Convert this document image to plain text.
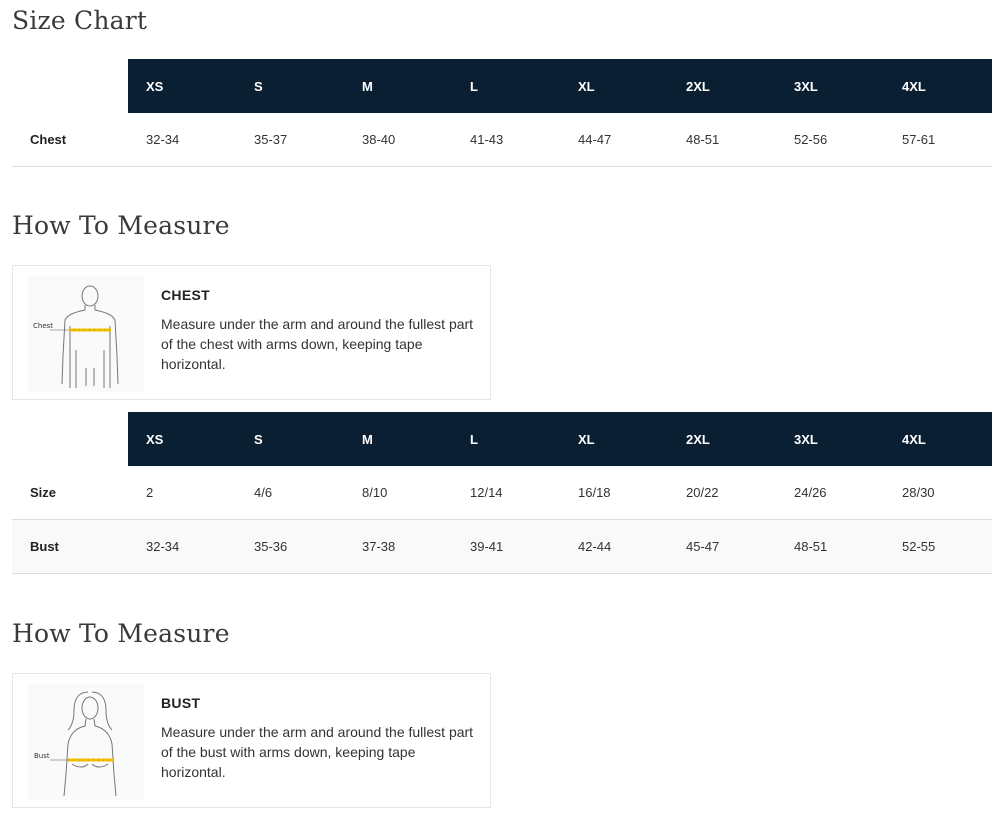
Size Chart
	XS	S	M	L	XL	2XL	3XL	4XL
Chest	32-34	35-37	38-40	41-43	44-47	48-51	52-56	57-61
How To Measure
Chest
CHEST
Measure under the arm and around the fullest part of the chest with arms down, keeping tape horizontal.
	XS	S	M	L	XL	2XL	3XL	4XL
Size	2	4/6	8/10	12/14	16/18	20/22	24/26	28/30
Bust	32-34	35-36	37-38	39-41	42-44	45-47	48-51	52-55
How To Measure
Bust
BUST
Measure under the arm and around the fullest part of the bust with arms down, keeping tape horizontal.
